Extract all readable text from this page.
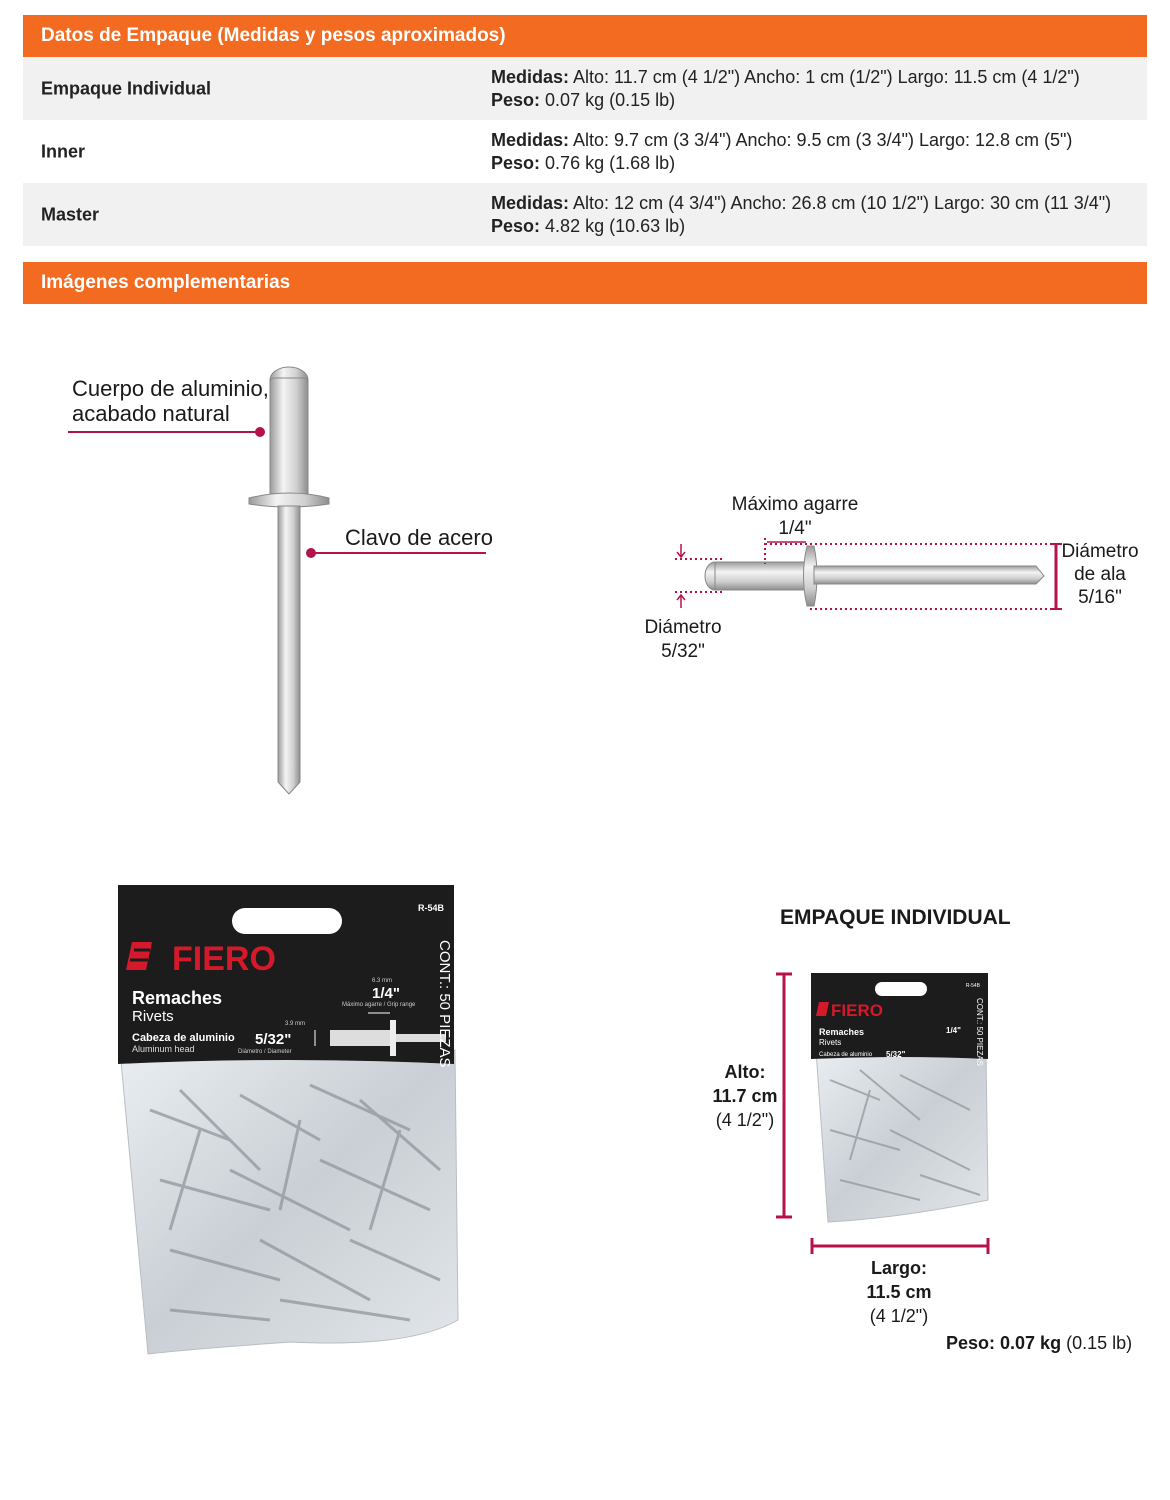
Datos de Empaque (Medidas y pesos aproximados)
Empaque Individual
Medidas: Alto: 11.7 cm (4 1/2") Ancho: 1 cm (1/2") Largo: 11.5 cm (4 1/2")
Peso: 0.07 kg (0.15 lb)
Inner
Medidas: Alto: 9.7 cm (3 3/4") Ancho: 9.5 cm (3 3/4") Largo: 12.8 cm (5")
Peso: 0.76 kg (1.68 lb)
Master
Medidas: Alto: 12 cm (4 3/4") Ancho: 26.8 cm (10 1/2") Largo: 30 cm (11 3/4") Peso: 4.82 kg (10.63 lb)
Imágenes complementarias
Cuerpo de aluminio,
acabado natural
Clavo de acero
Máximo agarre
1/4"
Diámetro
de ala
5/16"
Diámetro
5/32"
R-54B
FIERO
Remaches
Rivets
Cabeza de aluminio
Aluminum head
3.9 mm
5/32"
Diámetro / Diameter
6.3 mm
1/4"
Máximo agarre / Grip range CONT.: 50 PIEZAS
EMPAQUE INDIVIDUAL
FIERO
R-54B
Remaches
Rivets
Cabeza de aluminio 5/32"
1/4" CONT.: 50 PIEZAS
Alto:
11.7 cm
(4 1/2")
Largo:
11.5 cm
(4 1/2")
Peso: 0.07 kg (0.15 lb)
